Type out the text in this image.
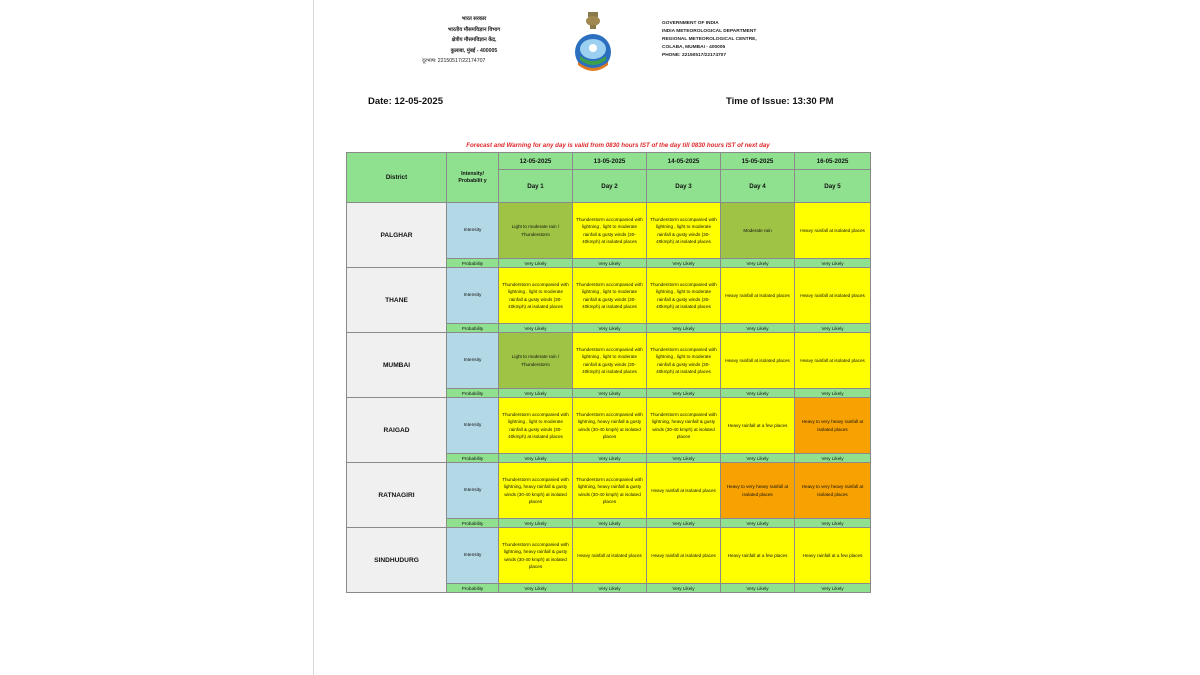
भारत सरकार
भारतीय मौसमविज्ञान विभाग
क्षेत्रीय मौसमविज्ञान केंद्र,
कुलाबा, मुंबई - 400005
दूरभाष: 22150517/22174707
GOVERNMENT OF INDIA
INDIA METEOROLOGICAL DEPARTMENT
REGIONAL METEOROLOGICAL CENTRE,
COLABA, MUMBAI - 400005
PHONE: 22150517/22174707
Date: 12-05-2025	Time of Issue: 13:30 PM
Forecast and Warning for any day is valid from 0830 hours IST of the day till 0830 hours IST of next day
District	Intensity/ Probabilit y	12-05-2025	13-05-2025	14-05-2025	15-05-2025	16-05-2025
		Day 1	Day 2	Day 3	Day 4	Day 5
PALGHAR	Intensity	Light to moderate rain / Thunderstorm	Thunderstorm accompanied with lightning , light to moderate rainfall & gusty winds (30-40kmph) at isolated places	Thunderstorm accompanied with lightning , light to moderate rainfall & gusty winds (30-40kmph) at isolated places	Moderate rain	Heavy rainfall at isolated places
	Probability	Very Likely	Very Likely	Very Likely	Very Likely	Very Likely
THANE	Intensity	Thunderstorm accompanied with lightning , light to moderate rainfall & gusty winds (30-40kmph) at isolated places	Thunderstorm accompanied with lightning , light to moderate rainfall & gusty winds (30-40kmph) at isolated places	Thunderstorm accompanied with lightning , light to moderate rainfall & gusty winds (30-40kmph) at isolated places	Heavy rainfall at isolated places	Heavy rainfall at isolated places
	Probability	Very Likely	Very Likely	Very Likely	Very Likely	Very Likely
MUMBAI	Intensity	Light to moderate rain / Thunderstorm	Thunderstorm accompanied with lightning , light to moderate rainfall & gusty winds (30-40kmph) at isolated places	Thunderstorm accompanied with lightning , light to moderate rainfall & gusty winds (30-40kmph) at isolated places	Heavy rainfall at isolated places	Heavy rainfall at isolated places
	Probability	Very Likely	Very Likely	Very Likely	Very Likely	Very Likely
RAIGAD	Intensity	Thunderstorm accompanied with lightning , light to moderate rainfall & gusty winds (30-40kmph) at isolated places	Thunderstorm accompanied with lightning, heavy rainfall & gusty winds (30-40 kmph) at isolated places	Thunderstorm accompanied with lightning, heavy rainfall & gusty winds (30-40 kmph) at isolated places	Heavy rainfall at a few places	Heavy to very heavy rainfall at isolated places
	Probability	Very Likely	Very Likely	Very Likely	Very Likely	Very Likely
RATNAGIRI	Intensity	Thunderstorm accompanied with lightning, heavy rainfall & gusty winds (30-40 kmph) at isolated places	Thunderstorm accompanied with lightning, heavy rainfall & gusty winds (30-40 kmph) at isolated places	Heavy rainfall at isolated places	Heavy to very heavy rainfall at isolated places	Heavy to very heavy rainfall at isolated places
	Probability	Very Likely	Very Likely	Very Likely	Very Likely	Very Likely
SINDHUDURG	Intensity	Thunderstorm accompanied with lightning, heavy rainfall & gusty winds (30-40 kmph) at isolated places	Heavy rainfall at isolated places	Heavy rainfall at isolated places	Heavy rainfall at a few places	Heavy rainfall at a few places
	Probability	Very Likely	Very Likely	Very Likely	Very Likely	Very Likely
